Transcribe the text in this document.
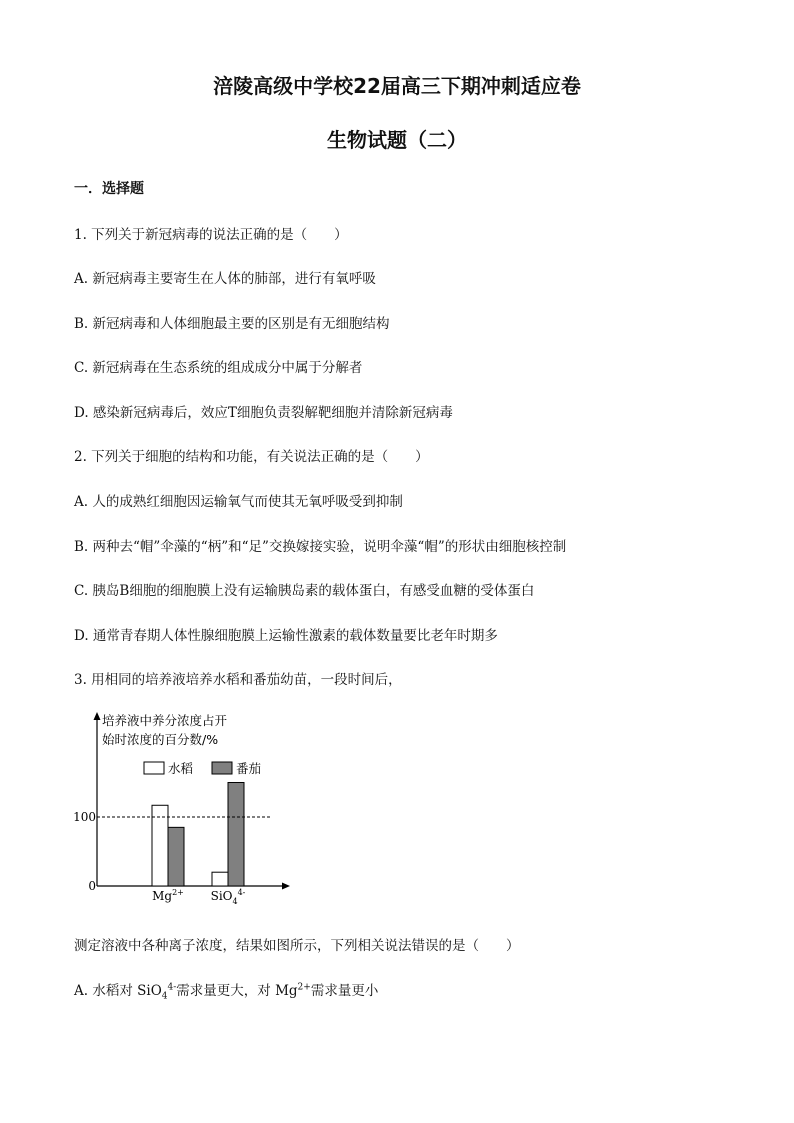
涪陵高级中学校22届高三下期冲刺适应卷
生物试题（二）
一．选择题
1. 下列关于新冠病毒的说法正确的是（　　）
A. 新冠病毒主要寄生在人体的肺部，进行有氧呼吸
B. 新冠病毒和人体细胞最主要的区别是有无细胞结构
C. 新冠病毒在生态系统的组成成分中属于分解者
D. 感染新冠病毒后，效应T细胞负责裂解靶细胞并清除新冠病毒
2. 下列关于细胞的结构和功能，有关说法正确的是（　　）
A. 人的成熟红细胞因运输氧气而使其无氧呼吸受到抑制
B. 两种去“帽”伞藻的“柄”和“足”交换嫁接实验，说明伞藻“帽”的形状由细胞核控制
C. 胰岛B细胞的细胞膜上没有运输胰岛素的载体蛋白，有感受血糖的受体蛋白
D. 通常青春期人体性腺细胞膜上运输性激素的载体数量要比老年时期多
3. 用相同的培养液培养水稻和番茄幼苗，一段时间后，
培养液中养分浓度占开
始时浓度的百分数/%
水稻	番茄
100
0
$Mg^{2+}$ SiO$_4^{4-}$
测定溶液中各种离子浓度，结果如图所示，下列相关说法错误的是（　　）
A. 水稻对 SiO$_4^{4-}$需求量更大，对 $Mg^{2+}$需求量更小
